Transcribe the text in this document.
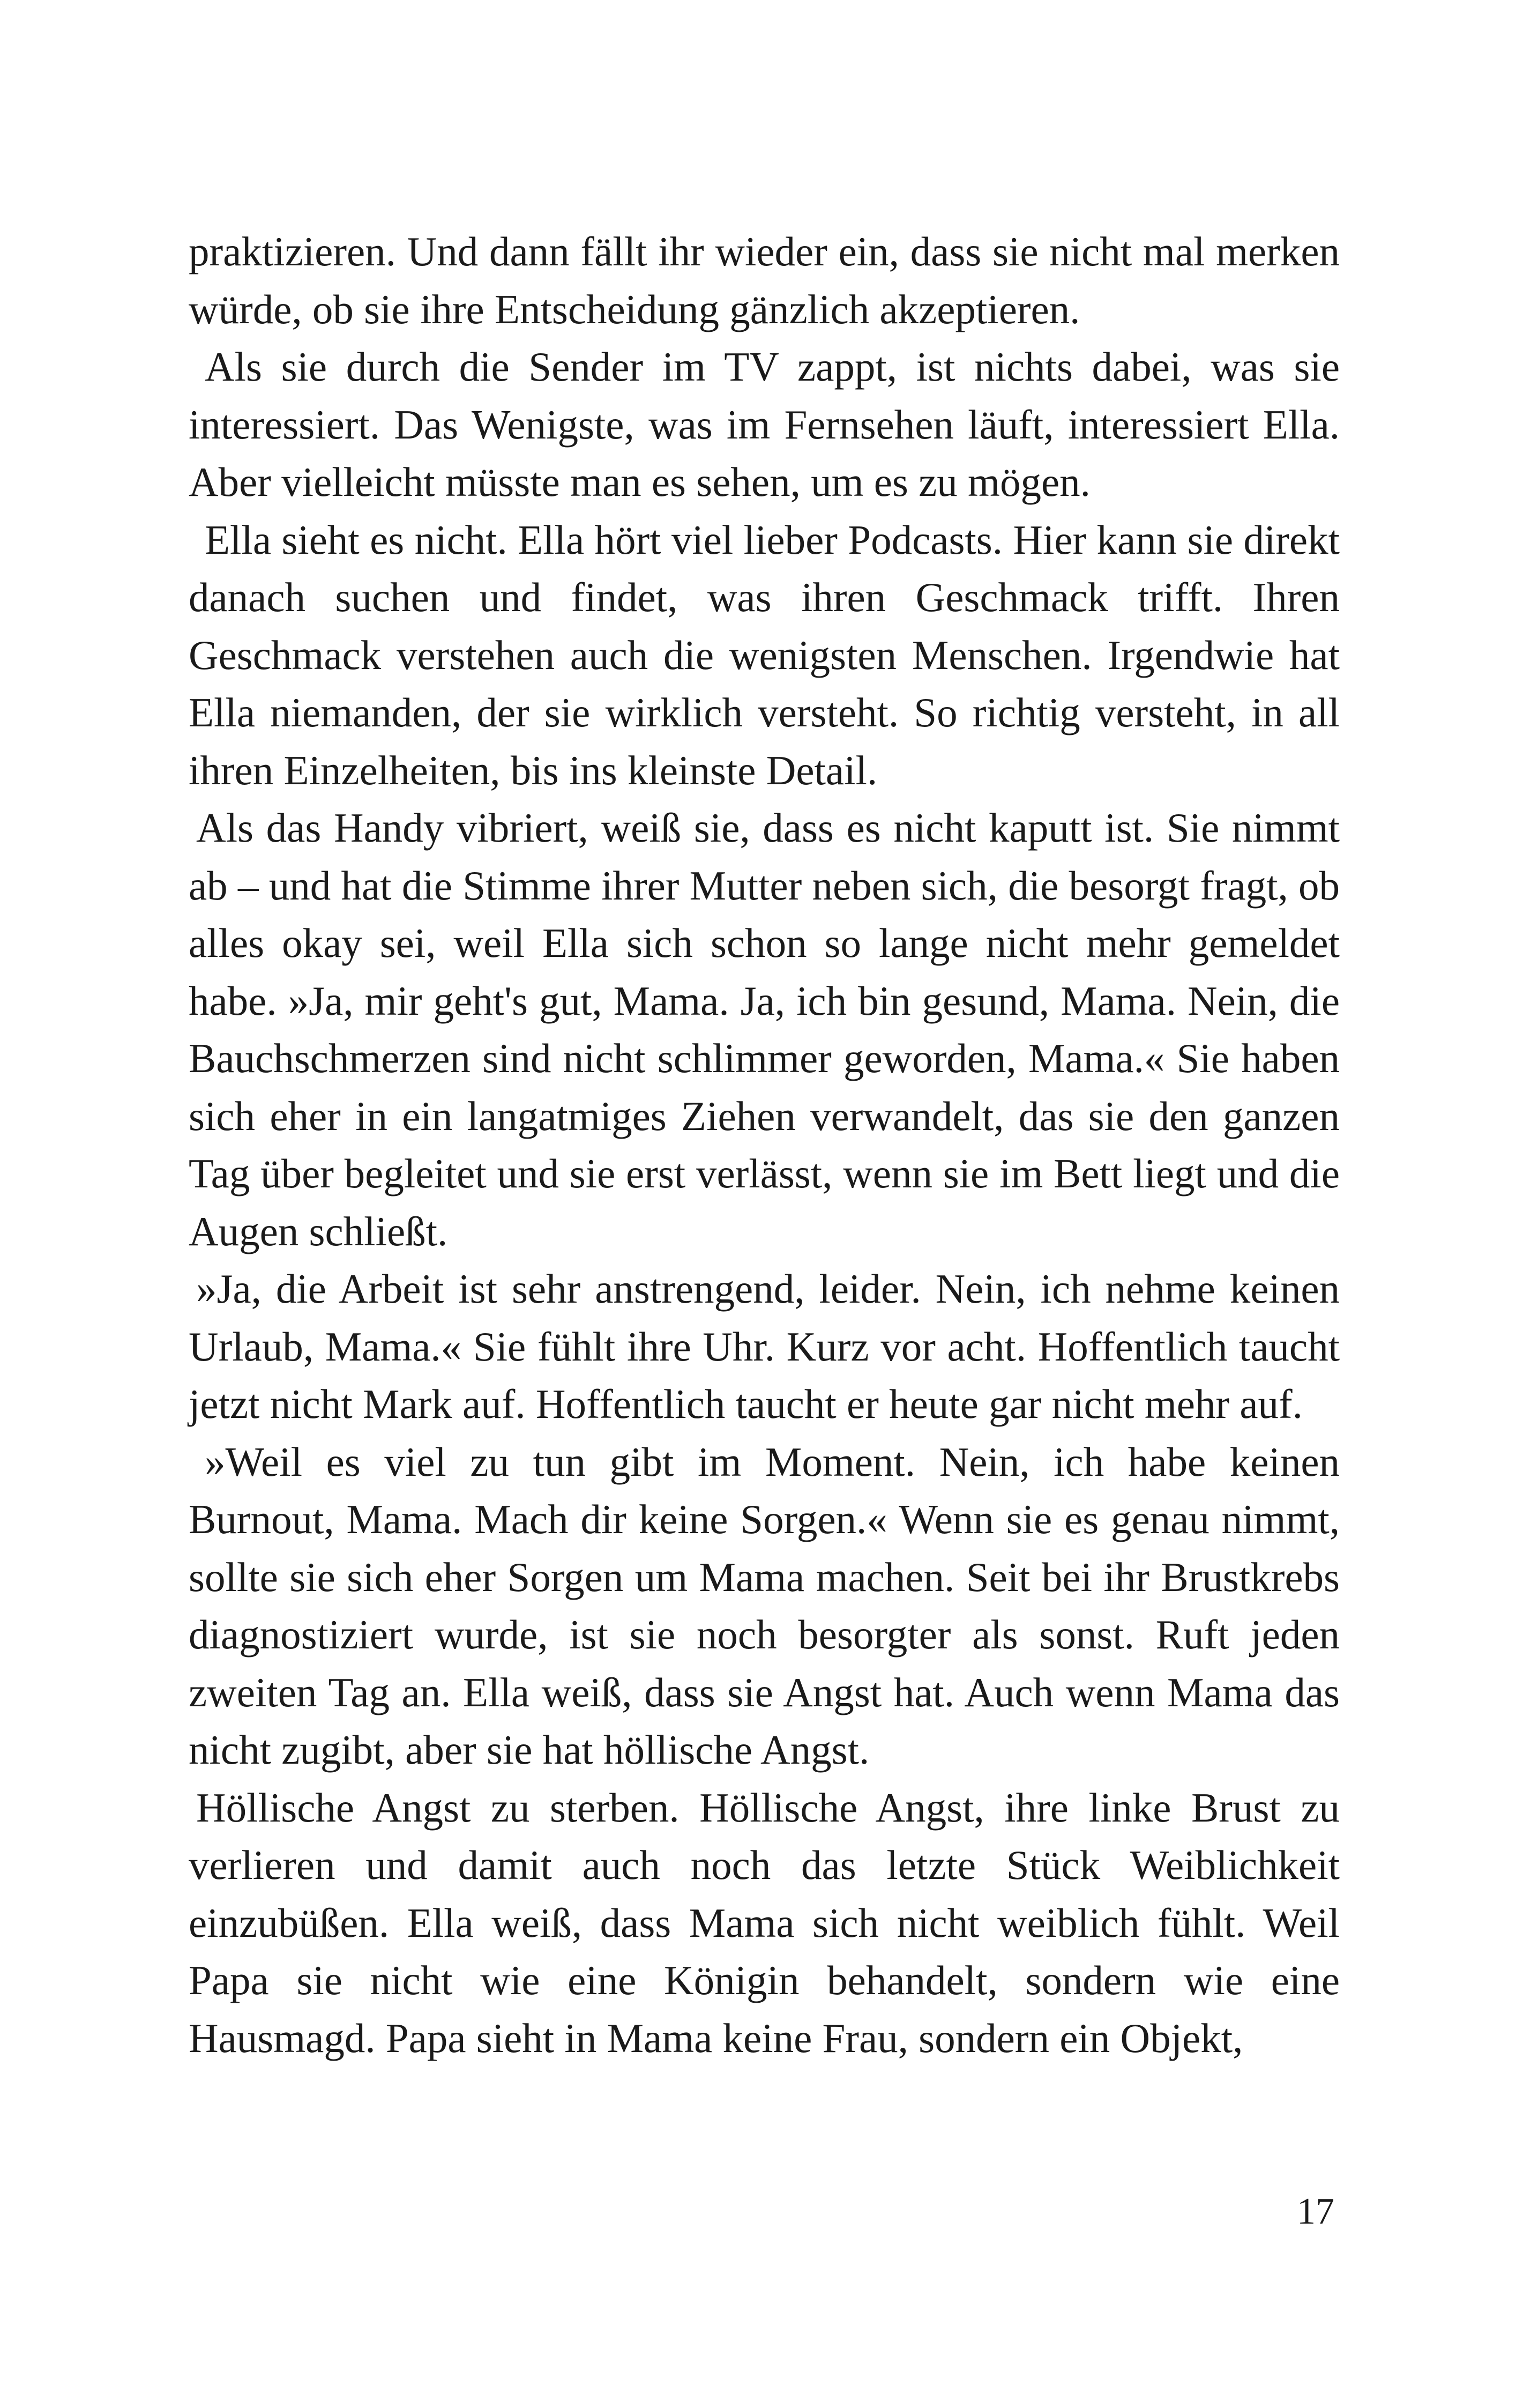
praktizieren. Und dann fällt ihr wieder ein, dass sie nicht mal merken würde, ob sie ihre Entscheidung gänzlich akzeptieren.

Als sie durch die Sender im TV zappt, ist nichts dabei, was sie interessiert. Das Wenigste, was im Fernsehen läuft, interessiert Ella. Aber vielleicht müsste man es sehen, um es zu mögen.

Ella sieht es nicht. Ella hört viel lieber Podcasts. Hier kann sie direkt danach suchen und findet, was ihren Geschmack trifft. Ihren Geschmack verstehen auch die wenigsten Menschen. Irgendwie hat Ella niemanden, der sie wirklich versteht. So richtig versteht, in all ihren Einzelheiten, bis ins kleinste Detail.

Als das Handy vibriert, weiß sie, dass es nicht kaputt ist. Sie nimmt ab – und hat die Stimme ihrer Mutter neben sich, die besorgt fragt, ob alles okay sei, weil Ella sich schon so lange nicht mehr gemeldet habe. »Ja, mir geht's gut, Mama. Ja, ich bin gesund, Mama. Nein, die Bauchschmerzen sind nicht schlimmer geworden, Mama.« Sie haben sich eher in ein langatmiges Ziehen verwandelt, das sie den ganzen Tag über begleitet und sie erst verlässt, wenn sie im Bett liegt und die Augen schließt.

»Ja, die Arbeit ist sehr anstrengend, leider. Nein, ich nehme keinen Urlaub, Mama.« Sie fühlt ihre Uhr. Kurz vor acht. Hoffentlich taucht jetzt nicht Mark auf. Hoffentlich taucht er heute gar nicht mehr auf.

»Weil es viel zu tun gibt im Moment. Nein, ich habe keinen Burnout, Mama. Mach dir keine Sorgen.« Wenn sie es genau nimmt, sollte sie sich eher Sorgen um Mama machen. Seit bei ihr Brustkrebs diagnostiziert wurde, ist sie noch besorgter als sonst. Ruft jeden zweiten Tag an. Ella weiß, dass sie Angst hat. Auch wenn Mama das nicht zugibt, aber sie hat höllische Angst.

Höllische Angst zu sterben. Höllische Angst, ihre linke Brust zu verlieren und damit auch noch das letzte Stück Weiblichkeit einzubüßen. Ella weiß, dass Mama sich nicht weiblich fühlt. Weil Papa sie nicht wie eine Königin behandelt, sondern wie eine Hausmagd. Papa sieht in Mama keine Frau, sondern ein Objekt,

17
